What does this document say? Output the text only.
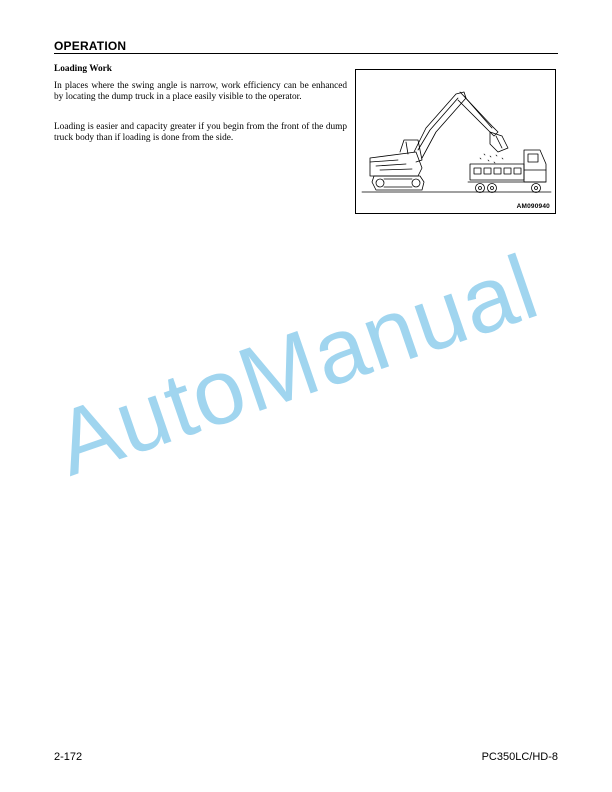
OPERATION
Loading Work

In places where the swing angle is narrow, work efficiency can be enhanced by locating the dump truck in a place easily visible to the operator.

Loading is easier and capacity greater if you begin from the front of the dump truck body than if loading is done from the side.

AM090940
AutoManual
2-172	PC350LC/HD-8
